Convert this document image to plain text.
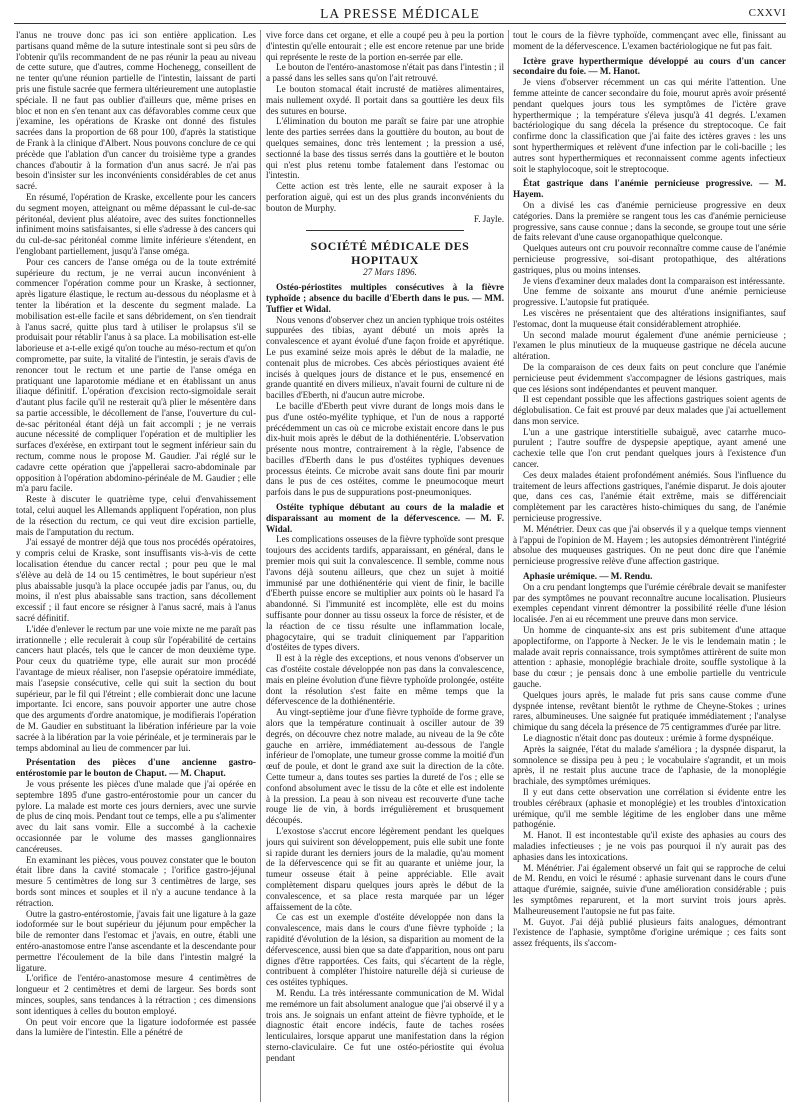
LA PRESSE MÉDICALE	CXXVI

l'anus ne trouve donc pas ici son entière application. Les partisans quand même de la suture intestinale sont si peu sûrs de l'obtenir qu'ils recommandent de ne pas réunir la peau au niveau de cette suture, que d'autres, comme Hochenegg, conseillent de ne tenter qu'une réunion partielle de l'intestin, laissant de parti pris une fistule sacrée que fermera ultérieurement une autoplastie spéciale. Il ne faut pas oublier d'ailleurs que, même prises en bloc et non en s'en tenant aux cas défavorables comme ceux que j'examine, les opérations de Kraske ont donné des fistules sacrées dans la proportion de 68 pour 100, d'après la statistique de Frank à la clinique d'Albert. Nous pouvons conclure de ce qui précède que l'ablation d'un cancer du troisième type a grandes chances d'aboutir à la formation d'un anus sacré. Je n'ai pas besoin d'insister sur les inconvénients considérables de cet anus sacré.

En résumé, l'opération de Kraske, excellente pour les cancers du segment moyen, atteignant ou même dépassant le cul-de-sac péritonéal, devient plus aléatoire, avec des suites fonctionnelles infiniment moins satisfaisantes, si elle s'adresse à des cancers qui du cul-de-sac péritonéal comme limite inférieure s'étendent, en l'englobant partiellement, jusqu'à l'anse oméga.

Pour ces cancers de l'anse oméga ou de la toute extrémité supérieure du rectum, je ne verrai aucun inconvénient à commencer l'opération comme pour un Kraske, à sectionner, après ligature élastique, le rectum au-dessous du néoplasme et à tenter la libération et la descente du segment malade. La mobilisation est-elle facile et sans débridement, on s'en tiendrait à l'anus sacré, quitte plus tard à utiliser le prolapsus s'il se produisait pour rétablir l'anus à sa place. La mobilisation est-elle laborieuse et a-t-elle exigé qu'on touche au méso-rectum et qu'on compromette, par suite, la vitalité de l'intestin, je serais d'avis de renoncer tout le rectum et une partie de l'anse oméga en pratiquant une laparotomie médiane et en établissant un anus iliaque définitif. L'opération d'excision recto-sigmoïdale serait d'autant plus facile qu'il ne resterait qu'à plier le mésentère dans sa partie accessible, le décollement de l'anse, l'ouverture du cul-de-sac péritonéal étant déjà un fait accompli ; je ne verrais aucune nécessité de compliquer l'opération et de multiplier les surfaces d'exérèse, en extirpant tout le segment inférieur sain du rectum, comme nous le propose M. Gaudier. J'ai réglé sur le cadavre cette opération que j'appellerai sacro-abdominale par opposition à l'opération abdomino-périnéale de M. Gaudier ; elle m'a paru facile.

Reste à discuter le quatrième type, celui d'envahissement total, celui auquel les Allemands appliquent l'opération, non plus de la résection du rectum, ce qui veut dire excision partielle, mais de l'amputation du rectum.

J'ai essayé de montrer déjà que tous nos procédés opératoires, y compris celui de Kraske, sont insuffisants vis-à-vis de cette localisation étendue du cancer rectal ; pour peu que le mal s'élève au delà de 14 ou 15 centimètres, le bout supérieur n'est plus abaissable jusqu'à la place occupée jadis par l'anus, ou, du moins, il n'est plus abaissable sans traction, sans décollement excessif ; il faut encore se résigner à l'anus sacré, mais à l'anus sacré définitif.

L'idée d'enlever le rectum par une voie mixte ne me paraît pas irrationnelle ; elle reculerait à coup sûr l'opérabilité de certains cancers haut placés, tels que le cancer de mon deuxième type. Pour ceux du quatrième type, elle aurait sur mon procédé l'avantage de mieux réaliser, non l'asepsie opératoire immédiate, mais l'asepsie consécutive, celle qui suit la section du bout supérieur, par le fil qui l'étreint ; elle combierait donc une lacune importante. Ici encore, sans pouvoir apporter une autre chose que des arguments d'ordre anatomique, je modifierais l'opération de M. Gaudier en substituant la libération inférieure par la voie sacrée à la libération par la voie périnéale, et je terminerais par le temps abdominal au lieu de commencer par lui.

Présentation des pièces d'une ancienne gastro-entérostomie par le bouton de Chaput. — M. Chaput.

Je vous présente les pièces d'une malade que j'ai opérée en septembre 1895 d'une gastro-entérostomie pour un cancer du pylore. La malade est morte ces jours derniers, avec une survie de plus de cinq mois. Pendant tout ce temps, elle a pu s'alimenter avec du lait sans vomir. Elle a succombé à la cachexie occasionnée par le volume des masses ganglionnaires cancéreuses.

En examinant les pièces, vous pouvez constater que le bouton était libre dans la cavité stomacale ; l'orifice gastro-jéjunal mesure 5 centimètres de long sur 3 centimètres de large, ses bords sont minces et souples et il n'y a aucune tendance à la rétraction.

Outre la gastro-entérostomie, j'avais fait une ligature à la gaze iodoformée sur le bout supérieur du jéjunum pour empêcher la bile de remonter dans l'estomac et j'avais, en outre, établi une entéro-anastomose entre l'anse ascendante et la descendante pour permettre l'écoulement de la bile dans l'intestin malgré la ligature.

L'orifice de l'entéro-anastomose mesure 4 centimètres de longueur et 2 centimètres et demi de largeur. Ses bords sont minces, souples, sans tendances à la rétraction ; ces dimensions sont identiques à celles du bouton employé.

On peut voir encore que la ligature iodoformée est passée dans la lumière de l'intestin. Elle a pénétré de

vive force dans cet organe, et elle a coupé peu à peu la portion d'intestin qu'elle entourait ; elle est encore retenue par une bride qui représente le reste de la portion en-serrée par elle.

Le bouton de l'entéro-anastomose n'était pas dans l'intestin ; il a passé dans les selles sans qu'on l'ait retrouvé.

Le bouton stomacal était incrusté de matières alimentaires, mais nullement oxydé. Il portait dans sa gouttière les deux fils des sutures en bourse.

L'élimination du bouton me paraît se faire par une atrophie lente des parties serrées dans la gouttière du bouton, au bout de quelques semaines, donc très lentement ; la pression a usé, sectionné la base des tissus serrés dans la gouttière et le bouton qui n'est plus retenu tombe fatalement dans l'estomac ou l'intestin.

Cette action est très lente, elle ne saurait exposer à la perforation aiguë, qui est un des plus grands inconvénients du bouton de Murphy.

F. Jayle.

SOCIÉTÉ MÉDICALE DES HOPITAUX

27 Mars 1896.

Ostéo-périostites multiples consécutives à la fièvre typhoïde ; absence du bacille d'Eberth dans le pus. — MM. Tuffier et Widal.

Nous venons d'observer chez un ancien typhique trois ostéites suppurées des tibias, ayant débuté un mois après la convalescence et ayant évolué d'une façon froide et apyrétique. Le pus examiné seize mois après le début de la maladie, ne contenait plus de microbes. Ces abcès périostiques avaient été incisés à quelques jours de distance et le pus, ensemencé en grande quantité en divers milieux, n'avait fourni de culture ni de bacilles d'Eberth, ni d'aucun autre microbe.

Le bacille d'Eberth peut vivre durant de longs mois dans le pus d'une ostéo-myélite typhique, et l'un de nous a rapporté précédemment un cas où ce microbe existait encore dans le pus dix-huit mois après le début de la dothiénentérie. L'observation présente nous montre, contrairement à la règle, l'absence de bacilles d'Eberth dans le pus d'ostéites typhiques devenues processus éteints. Ce microbe avait sans doute fini par mourir dans le pus de ces ostéites, comme le pneumocoque meurt parfois dans le pus de suppurations post-pneumoniques.

Ostéite typhique débutant au cours de la maladie et disparaissant au moment de la défervescence. — M. F. Widal.

Les complications osseuses de la fièvre typhoïde sont presque toujours des accidents tardifs, apparaissant, en général, dans le premier mois qui suit la convalescence. Il semble, comme nous l'avons déjà soutenu ailleurs, que chez un sujet à moitié immunisé par une dothiénentérie qui vient de finir, le bacille d'Eberth puisse encore se multiplier aux points où le hasard l'a abandonné. Si l'immunité est incomplète, elle est du moins suffisante pour donner au tissu osseux la force de résister, et de la réaction de ce tissu résulte une inflammation locale, phagocytaire, qui se traduit cliniquement par l'apparition d'ostéites de types divers.

Il est à la règle des exceptions, et nous venons d'observer un cas d'ostéite costale développée non pas dans la convalescence, mais en pleine évolution d'une fièvre typhoïde prolongée, ostéite dont la résolution s'est faite en même temps que la défervescence de la dothiénentérie.

Au vingt-septième jour d'une fièvre typhoïde de forme grave, alors que la température continuait à osciller autour de 39 degrés, on découvre chez notre malade, au niveau de la 9e côte gauche en arrière, immédiatement au-dessous de l'angle inférieur de l'omoplate, une tumeur grosse comme la moitié d'un œuf de poule, et dont le grand axe suit la direction de la côte. Cette tumeur a, dans toutes ses parties la dureté de l'os ; elle se confond absolument avec le tissu de la côte et elle est indolente à la pression. La peau à son niveau est recouverte d'une tache rouge lie de vin, à bords irrégulièrement et brusquement découpés.

L'exostose s'accrut encore légèrement pendant les quelques jours qui suivirent son développement, puis elle subit une fonte si rapide durant les derniers jours de la maladie, qu'au moment de la défervescence qui se fit au quarante et unième jour, la tumeur osseuse était à peine appréciable. Elle avait complètement disparu quelques jours après le début de la convalescence, et sa place resta marquée par un léger affaissement de la côte.

Ce cas est un exemple d'ostéite développée non dans la convalescence, mais dans le cours d'une fièvre typhoïde ; la rapidité d'évolution de la lésion, sa disparition au moment de la défervescence, aussi bien que sa date d'apparition, nous ont paru dignes d'être rapportées. Ces faits, qui s'écartent de la règle, contribuent à compléter l'histoire naturelle déjà si curieuse de ces ostéites typhiques.

M. Rendu. La très intéressante communication de M. Widal me remémore un fait absolument analogue que j'ai observé il y a trois ans. Je soignais un enfant atteint de fièvre typhoïde, et le diagnostic était encore indécis, faute de taches rosées lenticulaires, lorsque apparut une manifestation dans la région sterno-claviculaire. Ce fut une ostéo-périostite qui évolua pendant

tout le cours de la fièvre typhoïde, commençant avec elle, finissant au moment de la défervescence. L'examen bactériologique ne fut pas fait.

Ictère grave hyperthermique développé au cours d'un cancer secondaire du foie. — M. Hanot.

Je viens d'observer récemment un cas qui mérite l'attention. Une femme atteinte de cancer secondaire du foie, mourut après avoir présenté pendant quelques jours tous les symptômes de l'ictère grave hyperthermique ; la température s'éleva jusqu'à 41 degrés. L'examen bactériologique du sang décela la présence du streptocoque. Ce fait confirme donc la classification que j'ai faite des ictères graves : les uns sont hyperthermiques et relèvent d'une infection par le coli-bacille ; les autres sont hyperthermiques et reconnaissent comme agents infectieux soit le staphylocoque, soit le streptocoque.

État gastrique dans l'anémie pernicieuse progressive. — M. Hayem.

On a divisé les cas d'anémie pernicieuse progressive en deux catégories. Dans la première se rangent tous les cas d'anémie pernicieuse progressive, sans cause connue ; dans la seconde, se groupe tout une série de faits relevant d'une cause organopathique quelconque.

Quelques auteurs ont cru pouvoir reconnaître comme cause de l'anémie pernicieuse progressive, soi-disant protopathique, des altérations gastriques, plus ou moins intenses.

Je viens d'examiner deux malades dont la comparaison est intéressante.

Une femme de soixante ans mourut d'une anémie pernicieuse progressive. L'autopsie fut pratiquée.

Les viscères ne présentaient que des altérations insignifiantes, sauf l'estomac, dont la muqueuse était considérablement atrophiée.

Un second malade mourut également d'une anémie pernicieuse ; l'examen le plus minutieux de la muqueuse gastrique ne décela aucune altération.

De la comparaison de ces deux faits on peut conclure que l'anémie pernicieuse peut évidemment s'accompagner de lésions gastriques, mais que ces lésions sont indépendantes et peuvent manquer.

Il est cependant possible que les affections gastriques soient agents de déglobulisation. Ce fait est prouvé par deux malades que j'ai actuellement dans mon service.

L'un a une gastrique interstitielle subaiguë, avec catarrhe muco-purulent ; l'autre souffre de dyspepsie apeptique, ayant amené une cachexie telle que l'on crut pendant quelques jours à l'existence d'un cancer.

Ces deux malades étaient profondément anémiés. Sous l'influence du traitement de leurs affections gastriques, l'anémie disparut. Je dois ajouter que, dans ces cas, l'anémie était extrême, mais se différenciait complètement par les caractères histo-chimiques du sang, de l'anémie pernicieuse progressive.

M. Ménétrier. Deux cas que j'ai observés il y a quelque temps viennent à l'appui de l'opinion de M. Hayem ; les autopsies démontrèrent l'intégrité absolue des muqueuses gastriques. On ne peut donc dire que l'anémie pernicieuse progressive relève d'une affection gastrique.

Aphasie urémique. — M. Rendu.

On a cru pendant longtemps que l'urémie cérébrale devait se manifester par des symptômes ne pouvant reconnaître aucune localisation. Plusieurs exemples cependant vinrent démontrer la possibilité réelle d'une lésion localisée. J'en ai eu récemment une preuve dans mon service.

Un homme de cinquante-six ans est pris subitement d'une attaque apoplectiforme, on l'apporte à Necker. Je le vis le lendemain matin ; le malade avait repris connaissance, trois symptômes attirèrent de suite mon attention : aphasie, monoplégie brachiale droite, souffle systolique à la base du cœur ; je pensais donc à une embolie partielle du ventricule gauche.

Quelques jours après, le malade fut pris sans cause comme d'une dyspnée intense, revêtant bientôt le rythme de Cheyne-Stokes ; urines rares, albumineuses. Une saignée fut pratiquée immédiatement ; l'analyse chimique du sang décela la présence de 75 centigrammes d'urée par litre.

Le diagnostic n'était donc pas douteux : urémie à forme dyspnéique.

Après la saignée, l'état du malade s'améliora ; la dyspnée disparut, la somnolence se dissipa peu à peu ; le vocabulaire s'agrandit, et un mois après, il ne restait plus aucune trace de l'aphasie, de la monoplégie brachiale, des symptômes urémiques.

Il y eut dans cette observation une corrélation si évidente entre les troubles cérébraux (aphasie et monoplégie) et les troubles d'intoxication urémique, qu'il me semble légitime de les englober dans une même pathogénie.

M. Hanot. Il est incontestable qu'il existe des aphasies au cours des maladies infectieuses ; je ne vois pas pourquoi il n'y aurait pas des aphasies dans les intoxications.

M. Ménétrier. J'ai également observé un fait qui se rapproche de celui de M. Rendu, en voici le résumé : aphasie survenant dans le cours d'une attaque d'urémie, saignée, suivie d'une amélioration considérable ; puis les symptômes reparurent, et la mort survint trois jours après. Malheureusement l'autopsie ne fut pas faite.

M. Guyot. J'ai déjà publié plusieurs faits analogues, démontrant l'existence de l'aphasie, symptôme d'origine urémique ; ces faits sont assez fréquents, ils s'accom-
